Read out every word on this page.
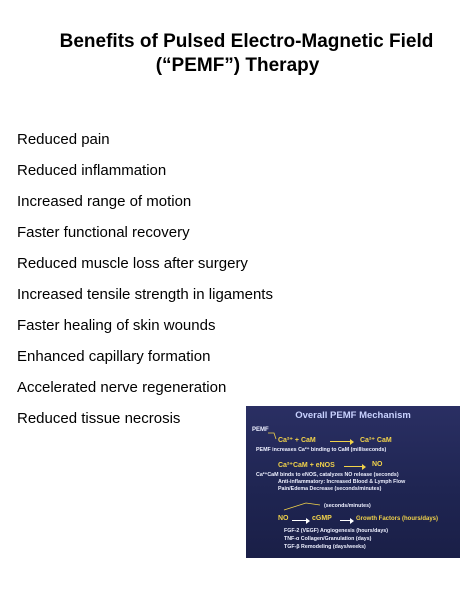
Benefits of Pulsed Electro-Magnetic Field
(“PEMF”) Therapy
Reduced pain
Reduced inflammation
Increased range of motion
Faster functional recovery
Reduced muscle loss after surgery
Increased tensile strength in ligaments
Faster healing of skin wounds
Enhanced capillary formation
Accelerated nerve regeneration
Reduced tissue necrosis	Overall PEMF Mechanism
PEMF
Ca²⁺ + CaM	Ca²⁺ CaM
PEMF increases Ca²⁺ binding to CaM (milliseconds)
Ca²⁺CaM + eNOS	NO
Ca²⁺CaM binds to eNOS, catalyzes NO release (seconds)
Anti-inflammatory: Increased Blood & Lymph Flow
Pain/Edema Decrease (seconds/minutes)
(seconds/minutes)
NO	cGMP	Growth Factors (hours/days)
FGF-2 (VEGF) Angiogenesis (hours/days)
TNF-α Collagen/Granulation (days)
TGF-β Remodeling (days/weeks)
